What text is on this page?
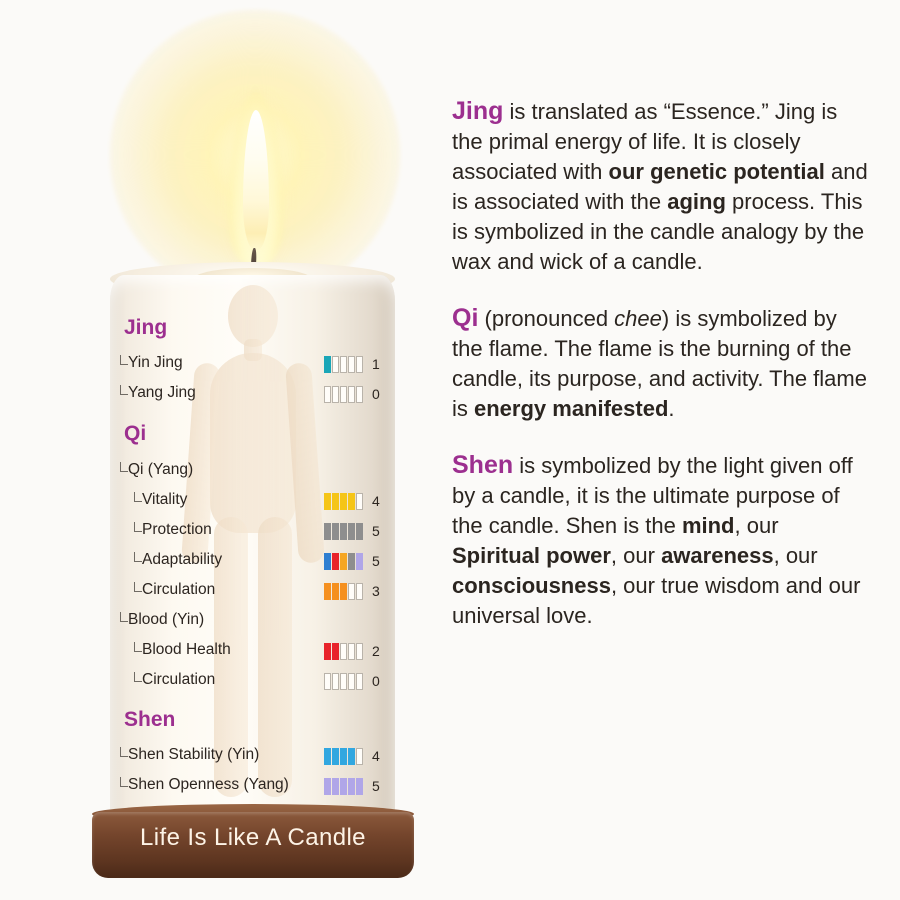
Life Is Like A Candle
Jing
Yin Jing	1
Yang Jing	0
Qi
Qi (Yang)
Vitality	4
Protection	5
Adaptability	5
Circulation	3
Blood (Yin)
Blood Health	2
Circulation	0
Shen
Shen Stability (Yin)	4
Shen Openness (Yang)	5

Jing is translated as “Essence.” Jing is the primal energy of life. It is closely associated with our genetic potential and is associated with the aging process. This is symbolized in the candle analogy by the wax and wick of a candle.

Qi (pronounced chee) is symbolized by the flame. The flame is the burning of the candle, its purpose, and activity. The flame is energy manifested.

Shen is symbolized by the light given off by a candle, it is the ultimate purpose of the candle. Shen is the mind, our Spiritual power, our awareness, our consciousness, our true wisdom and our universal love.
